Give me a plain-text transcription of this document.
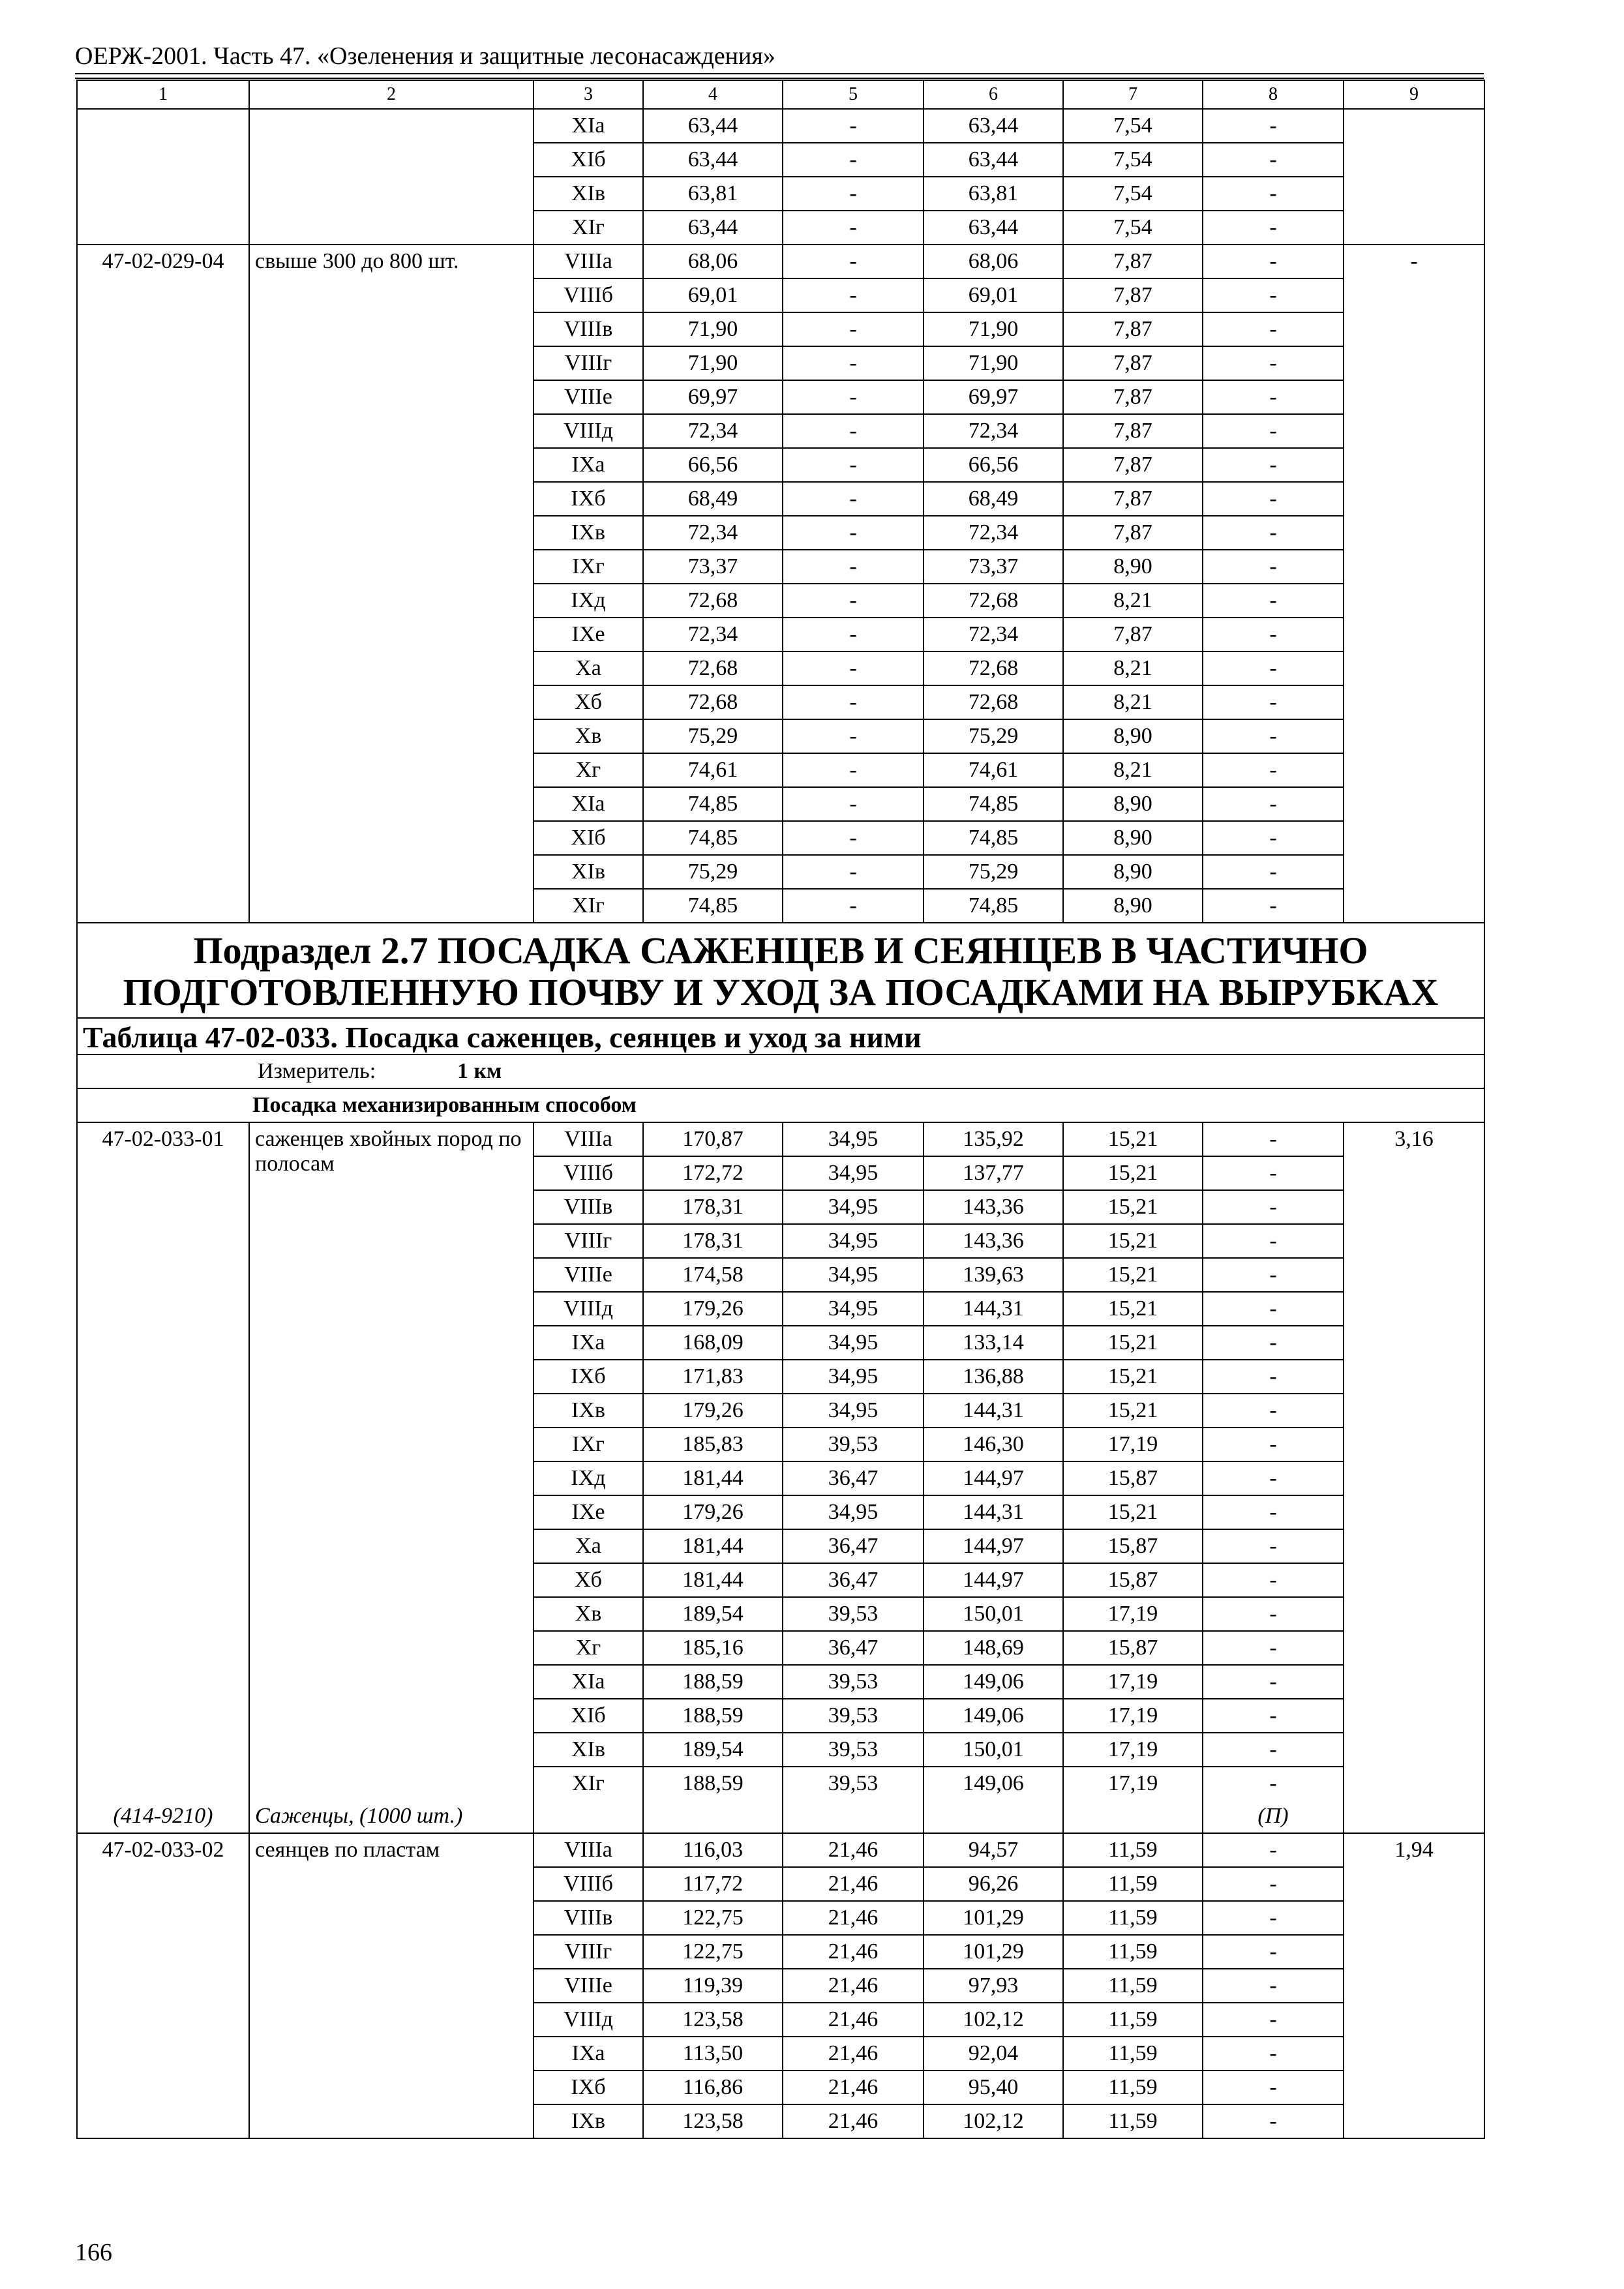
ОЕРЖ-2001. Часть 47. «Озеленения и защитные лесонасаждения»
1	2	3	4	5	6	7	8	9
		XIа	63,44	-	63,44	7,54	-	
		XIб	63,44	-	63,44	7,54	-	
		XIв	63,81	-	63,81	7,54	-	
		XIг	63,44	-	63,44	7,54	-	
47-02-029-04	свыше 300 до 800 шт.	VIIIа	68,06	-	68,06	7,87	-	-
		VIIIб	69,01	-	69,01	7,87	-	
		VIIIв	71,90	-	71,90	7,87	-	
		VIIIг	71,90	-	71,90	7,87	-	
		VIIIе	69,97	-	69,97	7,87	-	
		VIIIд	72,34	-	72,34	7,87	-	
		IXа	66,56	-	66,56	7,87	-	
		IXб	68,49	-	68,49	7,87	-	
		IXв	72,34	-	72,34	7,87	-	
		IXг	73,37	-	73,37	8,90	-	
		IXд	72,68	-	72,68	8,21	-	
		IXе	72,34	-	72,34	7,87	-	
		Xа	72,68	-	72,68	8,21	-	
		Xб	72,68	-	72,68	8,21	-	
		Xв	75,29	-	75,29	8,90	-	
		Xг	74,61	-	74,61	8,21	-	
		XIа	74,85	-	74,85	8,90	-	
		XIб	74,85	-	74,85	8,90	-	
		XIв	75,29	-	75,29	8,90	-	
		XIг	74,85	-	74,85	8,90	-	
Подраздел 2.7 ПОСАДКА САЖЕНЦЕВ И СЕЯНЦЕВ В ЧАСТИЧНО ПОДГОТОВЛЕННУЮ ПОЧВУ И УХОД ЗА ПОСАДКАМИ НА ВЫРУБКАХ								
Таблица 47-02-033. Посадка саженцев, сеянцев и уход за ними								
Измеритель: 1 км								
Посадка механизированным способом								
47-02-033-01	саженцев хвойных пород по полосам	VIIIа	170,87	34,95	135,92	15,21	-	3,16
		VIIIб	172,72	34,95	137,77	15,21	-	
		VIIIв	178,31	34,95	143,36	15,21	-	
		VIIIг	178,31	34,95	143,36	15,21	-	
		VIIIе	174,58	34,95	139,63	15,21	-	
		VIIIд	179,26	34,95	144,31	15,21	-	
		IXа	168,09	34,95	133,14	15,21	-	
		IXб	171,83	34,95	136,88	15,21	-	
		IXв	179,26	34,95	144,31	15,21	-	
		IXг	185,83	39,53	146,30	17,19	-	
		IXд	181,44	36,47	144,97	15,87	-	
		IXе	179,26	34,95	144,31	15,21	-	
		Xа	181,44	36,47	144,97	15,87	-	
		Xб	181,44	36,47	144,97	15,87	-	
		Xв	189,54	39,53	150,01	17,19	-	
		Xг	185,16	36,47	148,69	15,87	-	
		XIа	188,59	39,53	149,06	17,19	-	
		XIб	188,59	39,53	149,06	17,19	-	
		XIв	189,54	39,53	150,01	17,19	-	
		XIг	188,59	39,53	149,06	17,19	-	
(414-9210)	Саженцы, (1000 шт.)						(П)	
47-02-033-02	сеянцев по пластам	VIIIа	116,03	21,46	94,57	11,59	-	1,94
		VIIIб	117,72	21,46	96,26	11,59	-	
		VIIIв	122,75	21,46	101,29	11,59	-	
		VIIIг	122,75	21,46	101,29	11,59	-	
		VIIIе	119,39	21,46	97,93	11,59	-	
		VIIIд	123,58	21,46	102,12	11,59	-	
		IXа	113,50	21,46	92,04	11,59	-	
		IXб	116,86	21,46	95,40	11,59	-	
		IXв	123,58	21,46	102,12	11,59	-	
166
